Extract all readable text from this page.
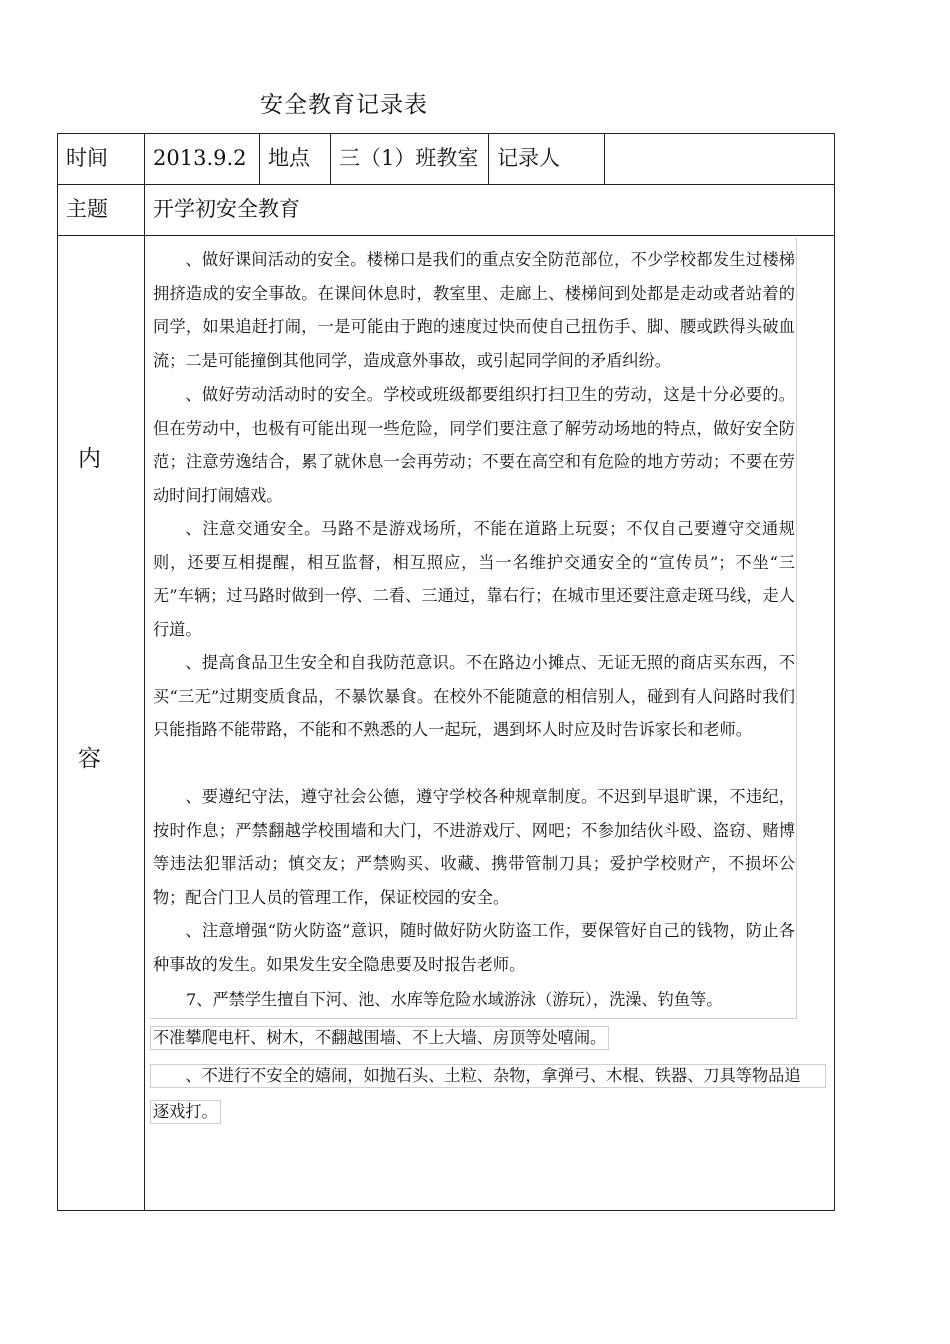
安全教育记录表
时间 2013.9.2 地点 三（1）班教室 记录人
主题 开学初安全教育
内
容
、做好课间活动的安全。楼梯口是我们的重点安全防范部位，不少学校都发生过楼梯拥挤造成的安全事故。在课间休息时，教室里、走廊上、楼梯间到处都是走动或者站着的同学，如果追赶打闹，一是可能由于跑的速度过快而使自己扭伤手、脚、腰或跌得头破血流；二是可能撞倒其他同学，造成意外事故，或引起同学间的矛盾纠纷。
、做好劳动活动时的安全。学校或班级都要组织打扫卫生的劳动，这是十分必要的。但在劳动中，也极有可能出现一些危险，同学们要注意了解劳动场地的特点，做好安全防范；注意劳逸结合，累了就休息一会再劳动；不要在高空和有危险的地方劳动；不要在劳动时间打闹嬉戏。
、注意交通安全。马路不是游戏场所，不能在道路上玩耍；不仅自己要遵守交通规则，还要互相提醒，相互监督，相互照应，当一名维护交通安全的“宣传员”；不坐“三无”车辆；过马路时做到一停、二看、三通过，靠右行；在城市里还要注意走斑马线，走人行道。
、提高食品卫生安全和自我防范意识。不在路边小摊点、无证无照的商店买东西，不买“三无”过期变质食品，不暴饮暴食。在校外不能随意的相信别人，碰到有人问路时我们只能指路不能带路，不能和不熟悉的人一起玩，遇到坏人时应及时告诉家长和老师。
、要遵纪守法，遵守社会公德，遵守学校各种规章制度。不迟到早退旷课，不违纪，按时作息；严禁翻越学校围墙和大门，不进游戏厅、网吧；不参加结伙斗殴、盗窃、赌博等违法犯罪活动；慎交友；严禁购买、收藏、携带管制刀具；爱护学校财产，不损坏公物；配合门卫人员的管理工作，保证校园的安全。
、注意增强“防火防盗”意识，随时做好防火防盗工作，要保管好自己的钱物，防止各种事故的发生。如果发生安全隐患要及时报告老师。
7、严禁学生擅自下河、池、水库等危险水域游泳（游玩），洗澡、钓鱼等。
不准攀爬电杆、树木，不翻越围墙、不上大墙、房顶等处嘻闹。
、不进行不安全的嬉闹，如抛石头、土粒、杂物，拿弹弓、木棍、铁器、刀具等物品追
逐戏打。
